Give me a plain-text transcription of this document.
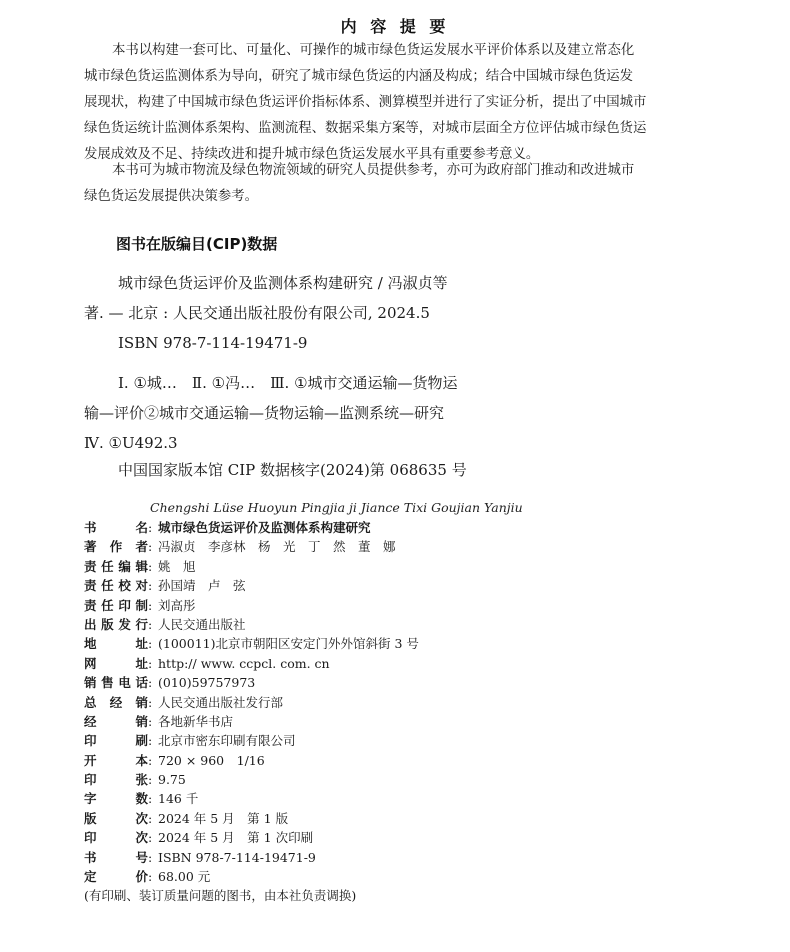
内 容 提 要
本书以构建一套可比、可量化、可操作的城市绿色货运发展水平评价体系以及建立常态化
城市绿色货运监测体系为导向，研究了城市绿色货运的内涵及构成；结合中国城市绿色货运发
展现状，构建了中国城市绿色货运评价指标体系、测算模型并进行了实证分析，提出了中国城市
绿色货运统计监测体系架构、监测流程、数据采集方案等，对城市层面全方位评估城市绿色货运
发展成效及不足、持续改进和提升城市绿色货运发展水平具有重要参考意义。
本书可为城市物流及绿色物流领域的研究人员提供参考，亦可为政府部门推动和改进城市
绿色货运发展提供决策参考。
图书在版编目(CIP)数据
城市绿色货运评价及监测体系构建研究 / 冯淑贞等
著. — 北京 : 人民交通出版社股份有限公司, 2024.5
ISBN 978-7-114-19471-9
Ⅰ. ①城…　Ⅱ. ①冯…　Ⅲ. ①城市交通运输—货物运
输—评价②城市交通运输—货物运输—监测系统—研究
Ⅳ. ①U492.3
中国国家版本馆 CIP 数据核字(2024)第 068635 号
Chengshi Lüse Huoyun Pingjia ji Jiance Tixi Goujian Yanjiu
书　　名 : 城市绿色货运评价及监测体系构建研究
著 作 者 : 冯淑贞　李彦林　杨　光　丁　然　董　娜
责任编辑 : 姚　旭
责任校对 : 孙国靖　卢　弦
责任印制 : 刘高彤
出版发行 : 人民交通出版社
地　　址 : (100011)北京市朝阳区安定门外外馆斜街 3 号
网　　址 : http:// www. ccpcl. com. cn
销售电话 : (010)59757973
总 经 销 : 人民交通出版社发行部
经　　销 : 各地新华书店
印　　刷 : 北京市密东印刷有限公司
开　　本 : 720 × 960　1/16
印　　张 : 9.75
字　　数 : 146 千
版　　次 : 2024 年 5 月　第 1 版
印　　次 : 2024 年 5 月　第 1 次印刷
书　　号 : ISBN 978-7-114-19471-9
定　　价 : 68.00 元
(有印刷、装订质量问题的图书，由本社负责调换)
